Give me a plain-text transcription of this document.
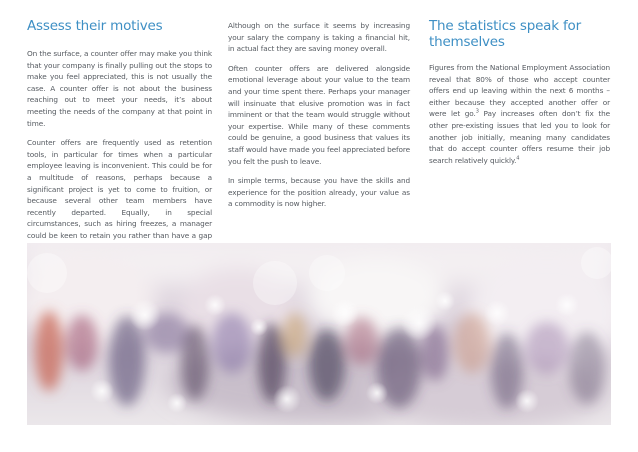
Assess their motives

On the surface, a counter offer may make you think that your company is finally pulling out the stops to make you feel appreciated, this is not usually the case. A counter offer is not about the business reaching out to meet your needs, it’s about meeting the needs of the company at that point in time.

Counter offers are frequently used as retention tools, in particular for times when a particular employee leaving is inconvenient. This could be for a multitude of reasons, perhaps because a significant project is yet to come to fruition, or because several other team members have recently departed. Equally, in special circumstances, such as hiring freezes, a manager could be keen to retain you rather than have a gap

Although on the surface it seems by increasing your salary the company is taking a financial hit, in actual fact they are saving money overall.

Often counter offers are delivered alongside emotional leverage about your value to the team and your time spent there. Perhaps your manager will insinuate that elusive promotion was in fact imminent or that the team would struggle without your expertise. While many of these comments could be genuine, a good business that values its staff would have made you feel appreciated before you felt the push to leave.

In simple terms, because you have the skills and experience for the position already, your value as a commodity is now higher.

The statistics speak for themselves

Figures from the National Employment Association reveal that 80% of those who accept counter offers end up leaving within the next 6 months – either because they accepted another offer or were let go.$^3$ Pay increases often don’t fix the other pre-existing issues that led you to look for another job initially, meaning many candidates that do accept counter offers resume their job search relatively quickly.$^4$
